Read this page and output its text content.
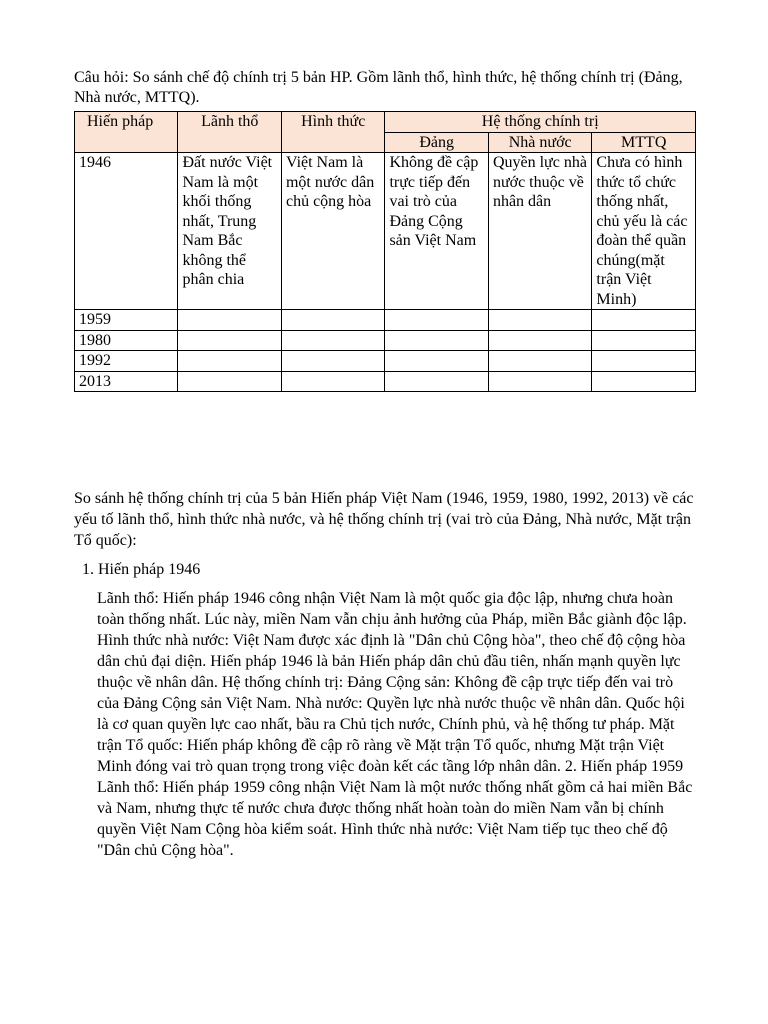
Câu hỏi: So sánh chế độ chính trị 5 bản HP. Gồm lãnh thổ, hình thức, hệ thống chính trị (Đảng, Nhà nước, MTTQ).

Hiến pháp	Lãnh thổ	Hình thức	Hệ thống chính trị		
			Đảng	Nhà nước	MTTQ
1946	Đất nước Việt Nam là một khối thống nhất, Trung Nam Bắc không thể phân chia	Việt Nam là một nước dân chủ cộng hòa	Không đề cập trực tiếp đến vai trò của Đảng Cộng sản Việt Nam	Quyền lực nhà nước thuộc về nhân dân	Chưa có hình thức tổ chức thống nhất, chủ yếu là các đoàn thể quần chúng(mặt trận Việt Minh)
1959					
1980					
1992					
2013					

So sánh hệ thống chính trị của 5 bản Hiến pháp Việt Nam (1946, 1959, 1980, 1992, 2013) về các yếu tố lãnh thổ, hình thức nhà nước, và hệ thống chính trị (vai trò của Đảng, Nhà nước, Mặt trận Tổ quốc):

1. Hiến pháp 1946

Lãnh thổ: Hiến pháp 1946 công nhận Việt Nam là một quốc gia độc lập, nhưng chưa hoàn toàn thống nhất. Lúc này, miền Nam vẫn chịu ảnh hưởng của Pháp, miền Bắc giành độc lập. Hình thức nhà nước: Việt Nam được xác định là "Dân chủ Cộng hòa", theo chế độ cộng hòa dân chủ đại diện. Hiến pháp 1946 là bản Hiến pháp dân chủ đầu tiên, nhấn mạnh quyền lực thuộc về nhân dân. Hệ thống chính trị: Đảng Cộng sản: Không đề cập trực tiếp đến vai trò của Đảng Cộng sản Việt Nam. Nhà nước: Quyền lực nhà nước thuộc về nhân dân. Quốc hội là cơ quan quyền lực cao nhất, bầu ra Chủ tịch nước, Chính phủ, và hệ thống tư pháp. Mặt trận Tổ quốc: Hiến pháp không đề cập rõ ràng về Mặt trận Tổ quốc, nhưng Mặt trận Việt Minh đóng vai trò quan trọng trong việc đoàn kết các tầng lớp nhân dân. 2. Hiến pháp 1959 Lãnh thổ: Hiến pháp 1959 công nhận Việt Nam là một nước thống nhất gồm cả hai miền Bắc và Nam, nhưng thực tế nước chưa được thống nhất hoàn toàn do miền Nam vẫn bị chính quyền Việt Nam Cộng hòa kiểm soát. Hình thức nhà nước: Việt Nam tiếp tục theo chế độ "Dân chủ Cộng hòa".
